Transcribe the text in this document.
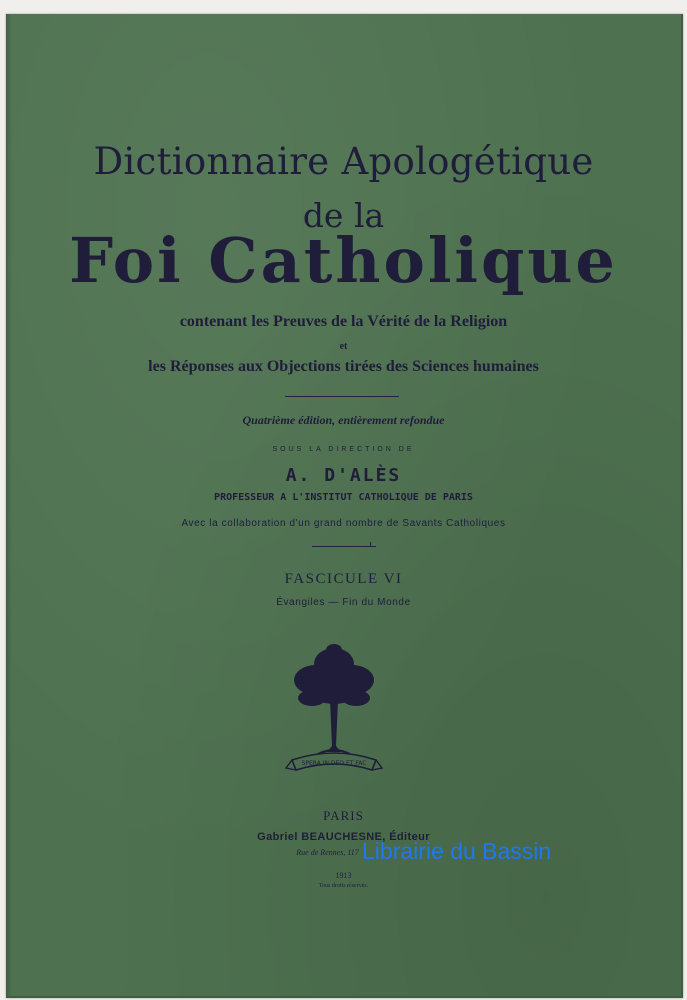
Dictionnaire Apologétique
de la
Foi Catholique
contenant les Preuves de la Vérité de la Religion
et
les Réponses aux Objections tirées des Sciences humaines
Quatrième édition, entièrement refondue
SOUS LA DIRECTION DE
A. D'ALÈS
PROFESSEUR A L'INSTITUT CATHOLIQUE DE PARIS
Avec la collaboration d'un grand nombre de Savants Catholiques
FASCICULE VI
Évangiles — Fin du Monde
SPERA IN DEO ET FAC
PARIS
Gabriel BEAUCHESNE, Éditeur
Rue de Rennes, 117
1913
Tous droits réservés.
Librairie du Bassin
